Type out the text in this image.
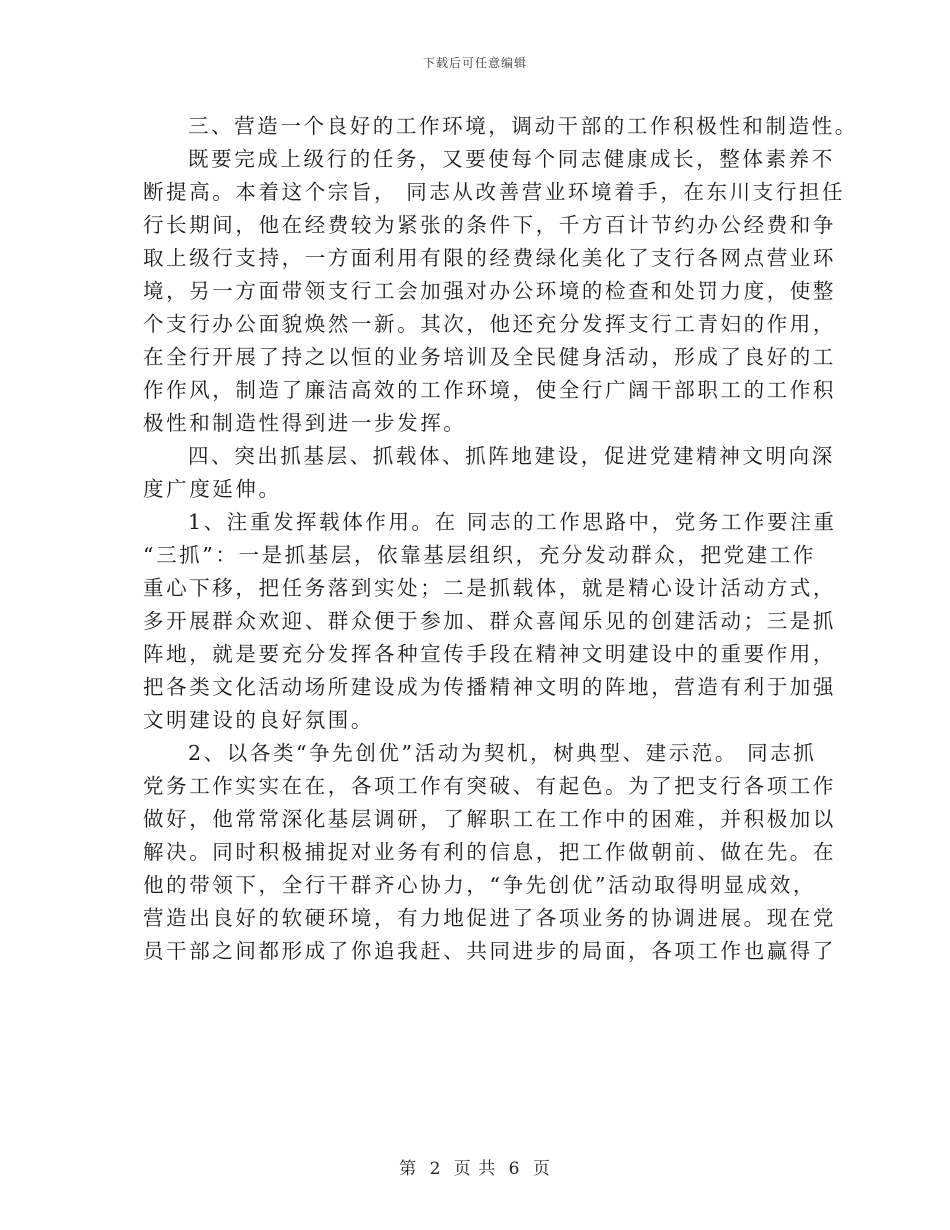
下载后可任意编辑
三、营造一个良好的工作环境，调动干部的工作积极性和制造性。
既要完成上级行的任务，又要使每个同志健康成长，整体素养不
断提高。本着这个宗旨， 同志从改善营业环境着手，在东川支行担任
行长期间，他在经费较为紧张的条件下，千方百计节约办公经费和争
取上级行支持，一方面利用有限的经费绿化美化了支行各网点营业环
境，另一方面带领支行工会加强对办公环境的检查和处罚力度，使整
个支行办公面貌焕然一新。其次，他还充分发挥支行工青妇的作用，
在全行开展了持之以恒的业务培训及全民健身活动，形成了良好的工
作作风，制造了廉洁高效的工作环境，使全行广阔干部职工的工作积
极性和制造性得到进一步发挥。
四、突出抓基层、抓载体、抓阵地建设，促进党建精神文明向深
度广度延伸。
1、注重发挥载体作用。在 同志的工作思路中，党务工作要注重
“三抓”：一是抓基层，依靠基层组织，充分发动群众，把党建工作
重心下移，把任务落到实处；二是抓载体，就是精心设计活动方式，
多开展群众欢迎、群众便于参加、群众喜闻乐见的创建活动；三是抓
阵地，就是要充分发挥各种宣传手段在精神文明建设中的重要作用，
把各类文化活动场所建设成为传播精神文明的阵地，营造有利于加强
文明建设的良好氛围。
2、以各类“争先创优”活动为契机，树典型、建示范。 同志抓
党务工作实实在在，各项工作有突破、有起色。为了把支行各项工作
做好，他常常深化基层调研，了解职工在工作中的困难，并积极加以
解决。同时积极捕捉对业务有利的信息，把工作做朝前、做在先。在
他的带领下，全行干群齐心协力，“争先创优”活动取得明显成效，
营造出良好的软硬环境，有力地促进了各项业务的协调进展。现在党
员干部之间都形成了你追我赶、共同进步的局面，各项工作也赢得了
第 2 页 共 6 页
